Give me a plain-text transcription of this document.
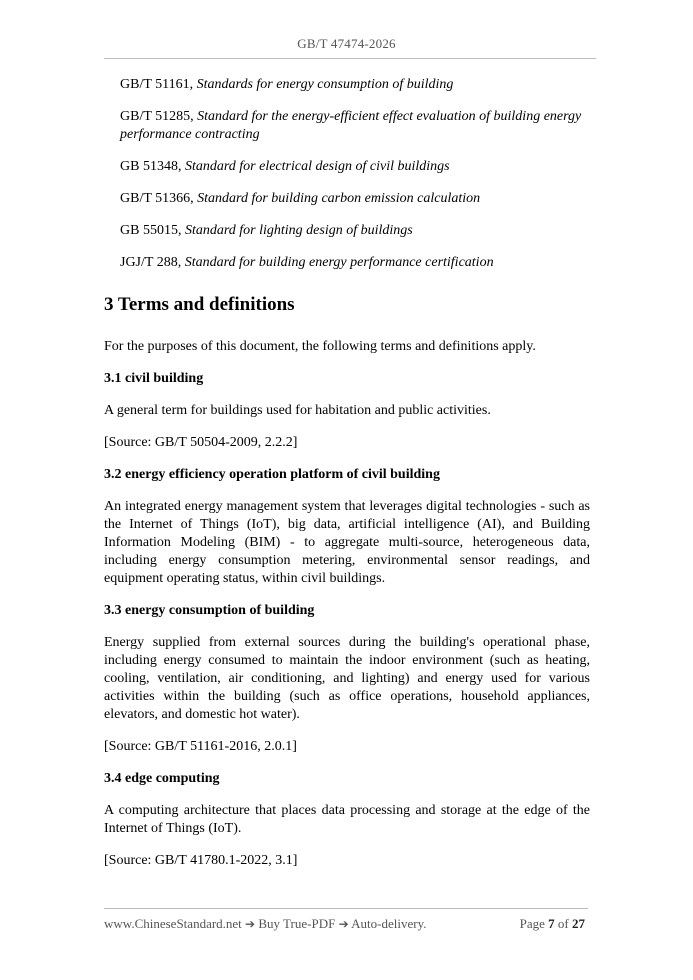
GB/T 47474-2026
GB/T 51161, Standards for energy consumption of building
GB/T 51285, Standard for the energy-efficient effect evaluation of building energy performance contracting
GB 51348, Standard for electrical design of civil buildings
GB/T 51366, Standard for building carbon emission calculation
GB 55015, Standard for lighting design of buildings
JGJ/T 288, Standard for building energy performance certification
3 Terms and definitions
For the purposes of this document, the following terms and definitions apply.
3.1 civil building
A general term for buildings used for habitation and public activities.
[Source: GB/T 50504-2009, 2.2.2]
3.2 energy efficiency operation platform of civil building
An integrated energy management system that leverages digital technologies - such as the Internet of Things (IoT), big data, artificial intelligence (AI), and Building Information Modeling (BIM) - to aggregate multi-source, heterogeneous data, including energy consumption metering, environmental sensor readings, and equipment operating status, within civil buildings.
3.3 energy consumption of building
Energy supplied from external sources during the building's operational phase, including energy consumed to maintain the indoor environment (such as heating, cooling, ventilation, air conditioning, and lighting) and energy used for various activities within the building (such as office operations, household appliances, elevators, and domestic hot water).
[Source: GB/T 51161-2016, 2.0.1]
3.4 edge computing
A computing architecture that places data processing and storage at the edge of the Internet of Things (IoT).
[Source: GB/T 41780.1-2022, 3.1]
www.ChineseStandard.net ➔ Buy True-PDF ➔ Auto-delivery.	Page 7 of 27
